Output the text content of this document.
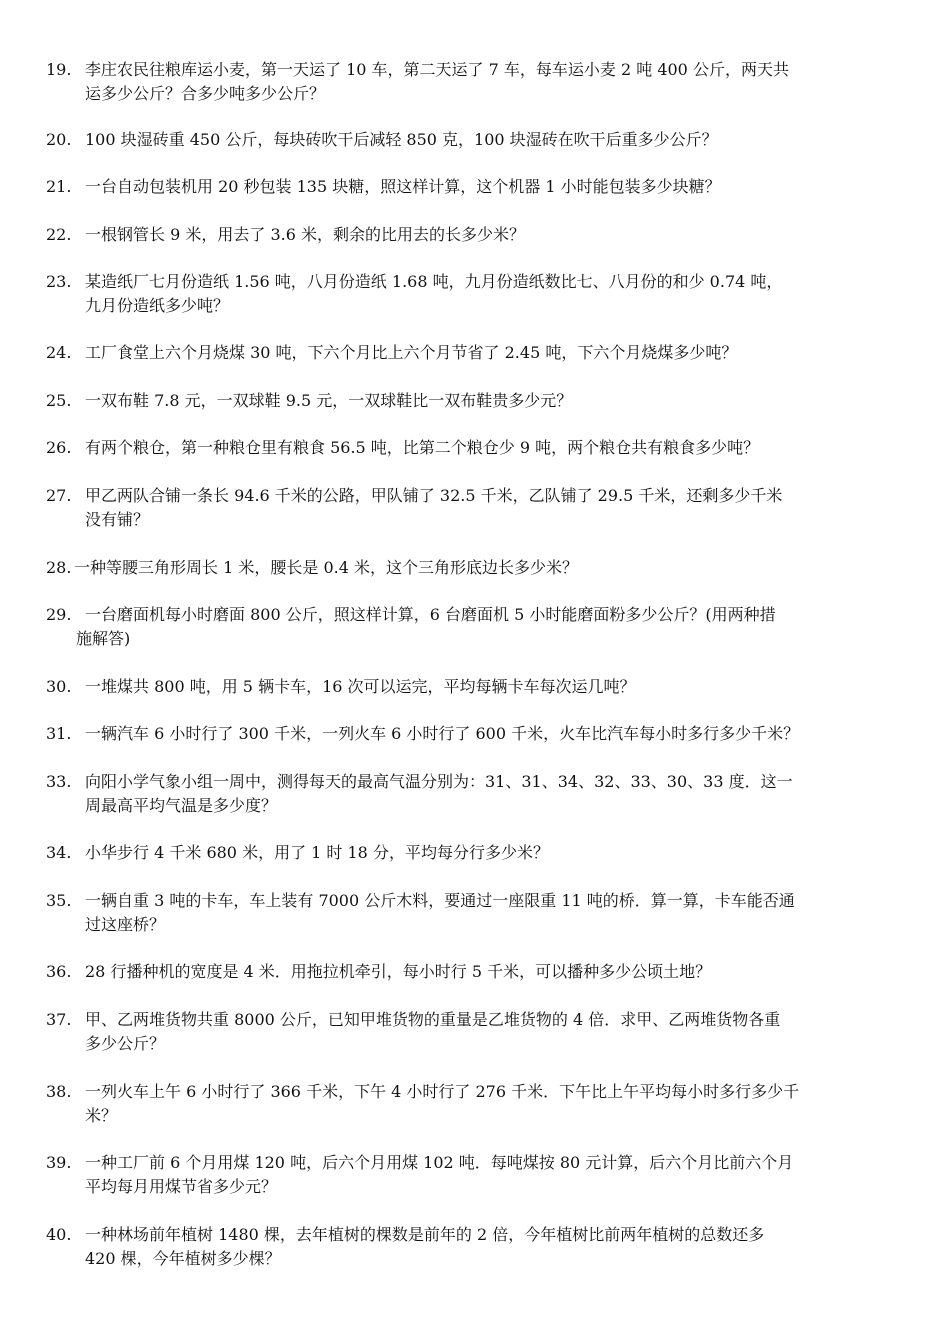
19. 李庄农民往粮库运小麦，第一天运了 10 车，第二天运了 7 车，每车运小麦 2 吨 400 公斤，两天共
运多少公斤？合多少吨多少公斤？
20. 100 块湿砖重 450 公斤，每块砖吹干后减轻 850 克，100 块湿砖在吹干后重多少公斤？
21. 一台自动包装机用 20 秒包装 135 块糖，照这样计算，这个机器 1 小时能包装多少块糖？
22. 一根钢管长 9 米，用去了 3.6 米，剩余的比用去的长多少米？
23. 某造纸厂七月份造纸 1.56 吨，八月份造纸 1.68 吨，九月份造纸数比七、八月份的和少 0.74 吨，
九月份造纸多少吨？
24. 工厂食堂上六个月烧煤 30 吨，下六个月比上六个月节省了 2.45 吨，下六个月烧煤多少吨？
25. 一双布鞋 7.8 元，一双球鞋 9.5 元，一双球鞋比一双布鞋贵多少元？
26. 有两个粮仓，第一种粮仓里有粮食 56.5 吨，比第二个粮仓少 9 吨，两个粮仓共有粮食多少吨？
27. 甲乙两队合铺一条长 94.6 千米的公路，甲队铺了 32.5 千米，乙队铺了 29.5 千米，还剩多少千米
没有铺？
28. 一种等腰三角形周长 1 米，腰长是 0.4 米，这个三角形底边长多少米？
29. 一台磨面机每小时磨面 800 公斤，照这样计算，6 台磨面机 5 小时能磨面粉多少公斤？(用两种措
施解答)
30. 一堆煤共 800 吨，用 5 辆卡车，16 次可以运完，平均每辆卡车每次运几吨？
31. 一辆汽车 6 小时行了 300 千米，一列火车 6 小时行了 600 千米，火车比汽车每小时多行多少千米？
33. 向阳小学气象小组一周中，测得每天的最高气温分别为：31、31、34、32、33、30、33 度．这一
周最高平均气温是多少度？
34. 小华步行 4 千米 680 米，用了 1 时 18 分，平均每分行多少米？
35. 一辆自重 3 吨的卡车，车上装有 7000 公斤木料，要通过一座限重 11 吨的桥．算一算，卡车能否通
过这座桥？
36. 28 行播种机的宽度是 4 米．用拖拉机牵引，每小时行 5 千米，可以播种多少公顷土地？
37. 甲、乙两堆货物共重 8000 公斤，已知甲堆货物的重量是乙堆货物的 4 倍．求甲、乙两堆货物各重
多少公斤？
38. 一列火车上午 6 小时行了 366 千米，下午 4 小时行了 276 千米．下午比上午平均每小时多行多少千
米？
39. 一种工厂前 6 个月用煤 120 吨，后六个月用煤 102 吨．每吨煤按 80 元计算，后六个月比前六个月
平均每月用煤节省多少元？
40. 一种林场前年植树 1480 棵，去年植树的棵数是前年的 2 倍，今年植树比前两年植树的总数还多
420 棵，今年植树多少棵？
